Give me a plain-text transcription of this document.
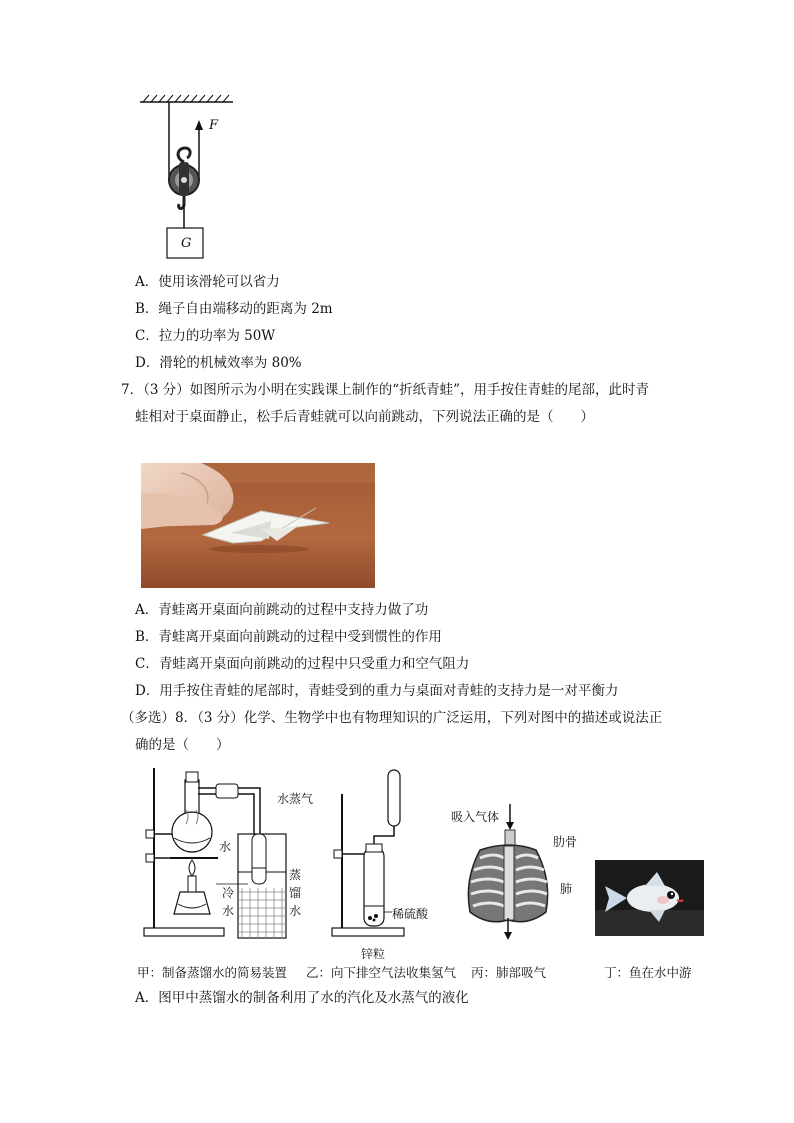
F
G
A．使用该滑轮可以省力
B．绳子自由端移动的距离为 2m
C．拉力的功率为 50W
D．滑轮的机械效率为 80%
7．（3 分）如图所示为小明在实践课上制作的“折纸青蛙”，用手按住青蛙的尾部，此时青
蛙相对于桌面静止，松手后青蛙就可以向前跳动，下列说法正确的是（　　）
A．青蛙离开桌面向前跳动的过程中支持力做了功
B．青蛙离开桌面向前跳动的过程中受到惯性的作用
C．青蛙离开桌面向前跳动的过程中只受重力和空气阻力
D．用手按住青蛙的尾部时，青蛙受到的重力与桌面对青蛙的支持力是一对平衡力
（多选）8．（3 分）化学、生物学中也有物理知识的广泛运用，下列对图中的描述或说法正
确的是（　　）
水蒸气
水
冷
水
蒸
馏
水	稀硫酸
锌粒
吸入气体
肋骨
肺
甲：制备蒸馏水的简易装置 乙：向下排空气法收集氢气 丙：肺部吸气	丁：鱼在水中游
A．图甲中蒸馏水的制备利用了水的汽化及水蒸气的液化
